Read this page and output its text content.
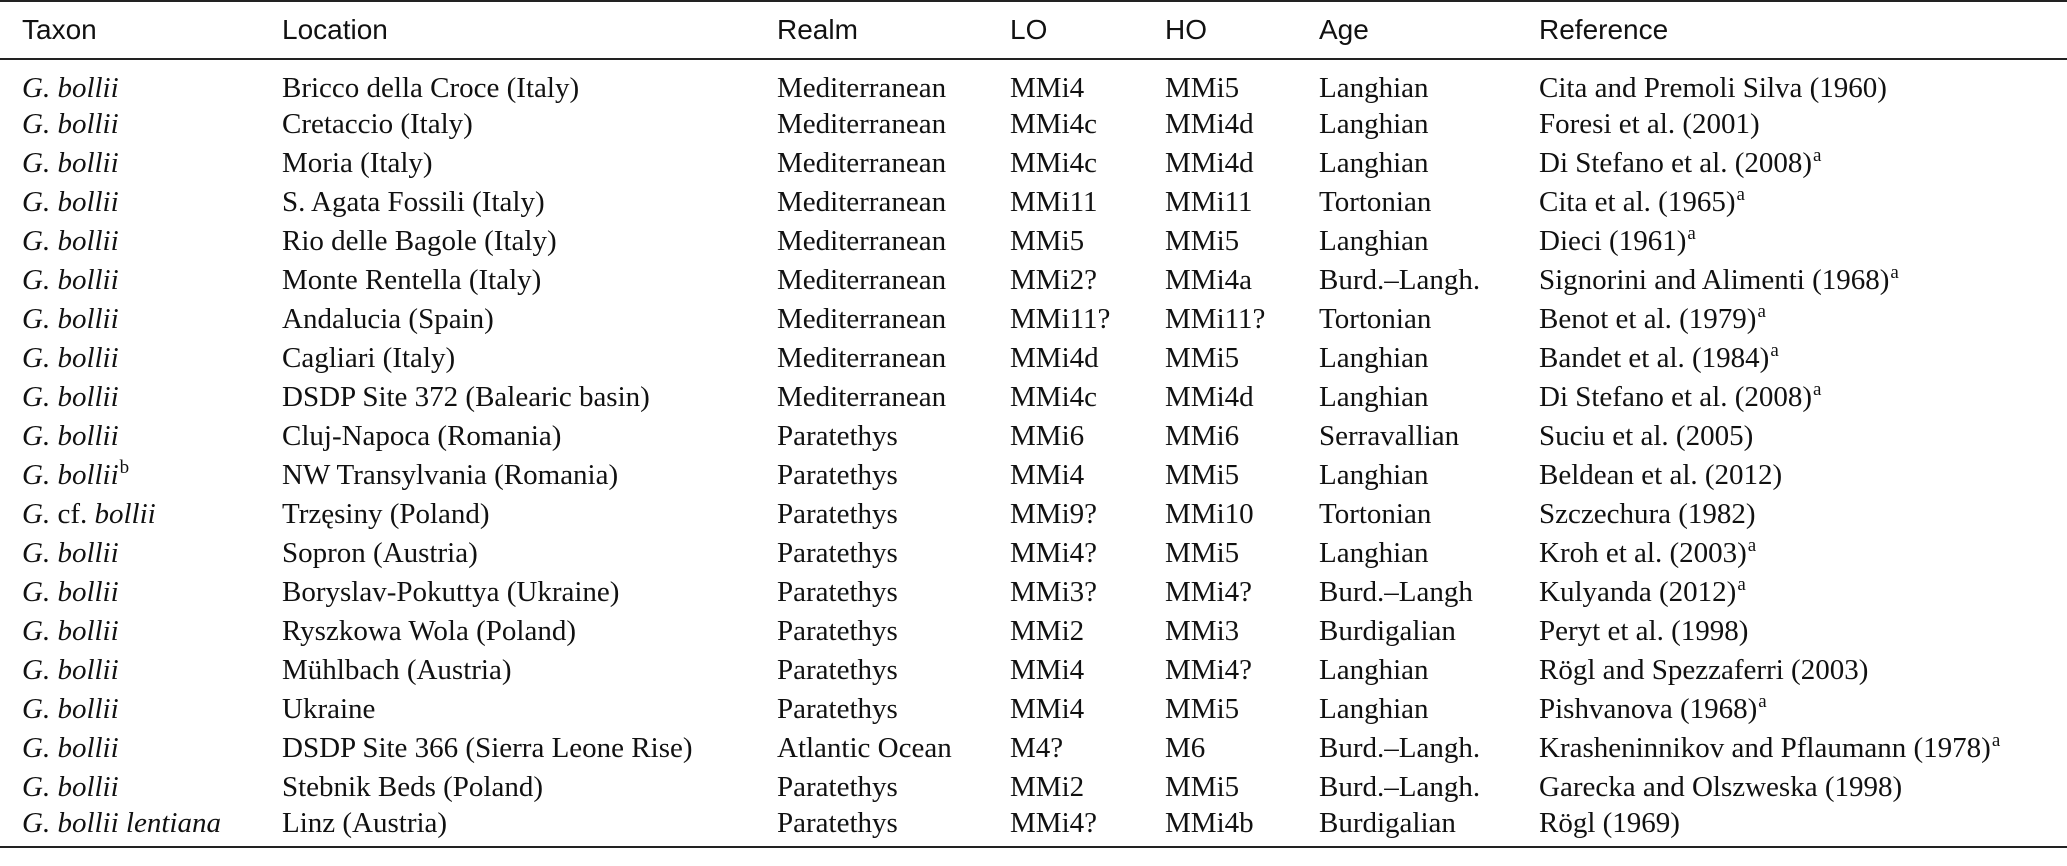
Taxon	Location	Realm	LO	HO	Age	Reference
G. bollii	Bricco della Croce (Italy)	Mediterranean	MMi4	MMi5	Langhian	Cita and Premoli Silva (1960)
G. bollii	Cretaccio (Italy)	Mediterranean	MMi4c	MMi4d	Langhian	Foresi et al. (2001)
G. bollii	Moria (Italy)	Mediterranean	MMi4c	MMi4d	Langhian	Di Stefano et al. $(2008)^a$
G. bollii	S. Agata Fossili (Italy)	Mediterranean	MMi11	MMi11	Tortonian	Cita et al. $(1965)^a$
G. bollii	Rio delle Bagole (Italy)	Mediterranean	MMi5	MMi5	Langhian	Dieci $(1961)^a$
G. bollii	Monte Rentella (Italy)	Mediterranean	MMi2?	MMi4a	Burd.–Langh.	Signorini and Alimenti $(1968)^a$
G. bollii	Andalucia (Spain)	Mediterranean	MMi11?	MMi11?	Tortonian	Benot et al. $(1979)^a$
G. bollii	Cagliari (Italy)	Mediterranean	MMi4d	MMi5	Langhian	Bandet et al. $(1984)^a$
G. bollii	DSDP Site 372 (Balearic basin)	Mediterranean	MMi4c	MMi4d	Langhian	Di Stefano et al. $(2008)^a$
G. bollii	Cluj-Napoca (Romania)	Paratethys	MMi6	MMi6	Serravallian	Suciu et al. (2005)
G. bollii$^b$	NW Transylvania (Romania)	Paratethys	MMi4	MMi5	Langhian	Beldean et al. (2012)
G. cf. bollii	Trzęsiny (Poland)	Paratethys	MMi9?	MMi10	Tortonian	Szczechura (1982)
G. bollii	Sopron (Austria)	Paratethys	MMi4?	MMi5	Langhian	Kroh et al. $(2003)^a$
G. bollii	Boryslav-Pokuttya (Ukraine)	Paratethys	MMi3?	MMi4?	Burd.–Langh	Kulyanda $(2012)^a$
G. bollii	Ryszkowa Wola (Poland)	Paratethys	MMi2	MMi3	Burdigalian	Peryt et al. (1998)
G. bollii	Mühlbach (Austria)	Paratethys	MMi4	MMi4?	Langhian	Rögl and Spezzaferri (2003)
G. bollii	Ukraine	Paratethys	MMi4	MMi5	Langhian	Pishvanova $(1968)^a$
G. bollii	DSDP Site 366 (Sierra Leone Rise)	Atlantic Ocean	M4?	M6	Burd.–Langh.	Krasheninnikov and Pflaumann $(1978)^a$
G. bollii	Stebnik Beds (Poland)	Paratethys	MMi2	MMi5	Burd.–Langh.	Garecka and Olszweska (1998)
G. bollii lentiana	Linz (Austria)	Paratethys	MMi4?	MMi4b	Burdigalian	Rögl (1969)
